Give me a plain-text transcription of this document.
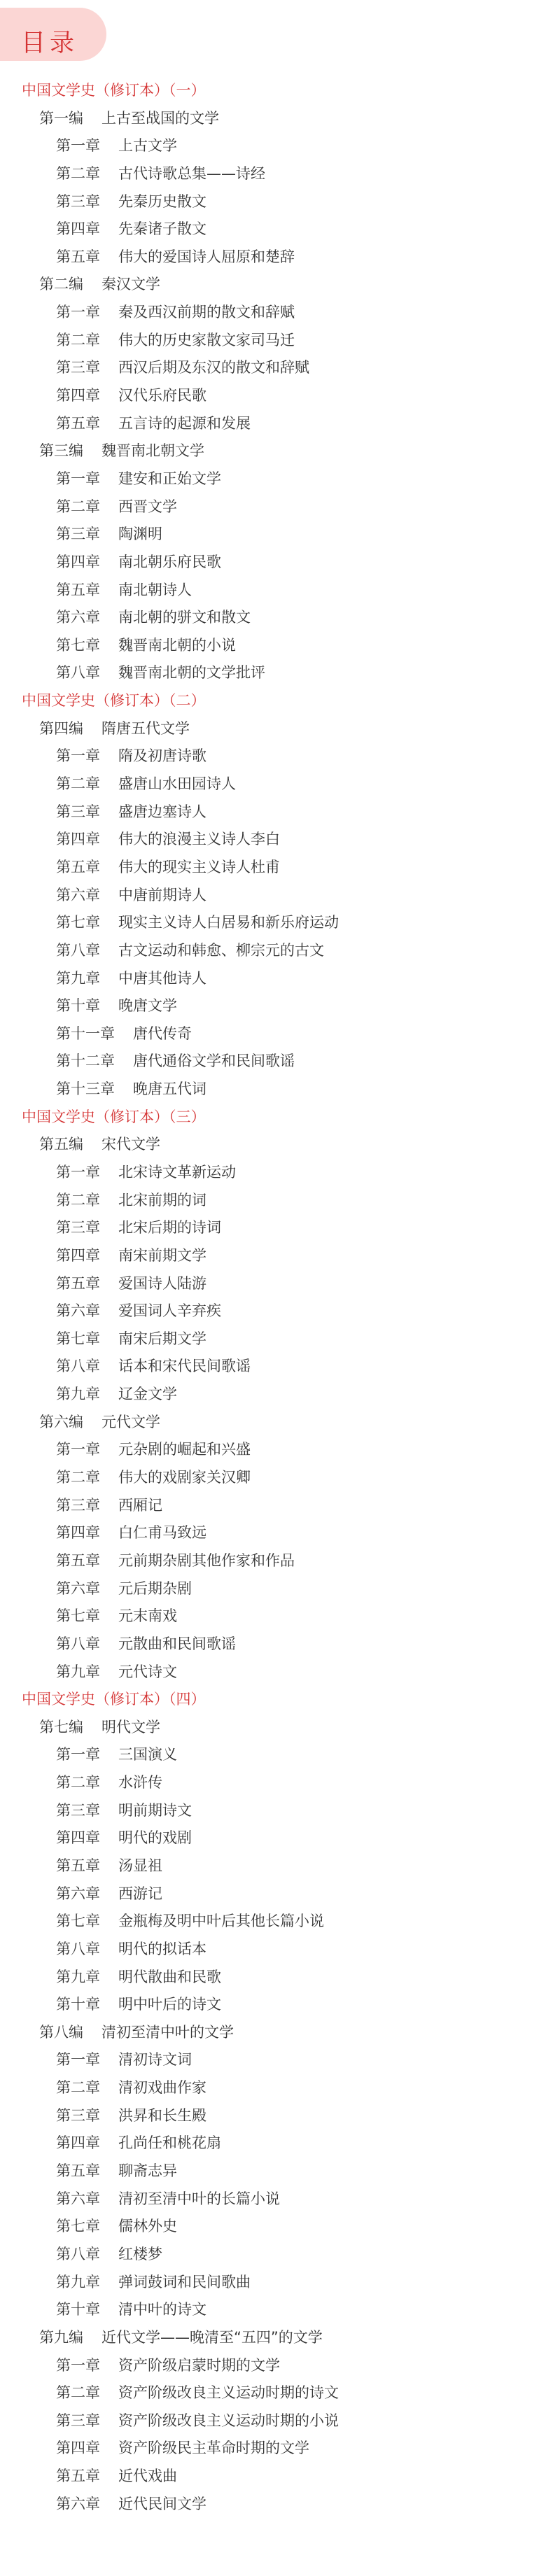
目录
中国文学史（修订本）（一）
第一编 上古至战国的文学
第一章 上古文学
第二章 古代诗歌总集——诗经
第三章 先秦历史散文
第四章 先秦诸子散文
第五章 伟大的爱国诗人屈原和楚辞
第二编 秦汉文学
第一章 秦及西汉前期的散文和辞赋
第二章 伟大的历史家散文家司马迁
第三章 西汉后期及东汉的散文和辞赋
第四章 汉代乐府民歌
第五章 五言诗的起源和发展
第三编 魏晋南北朝文学
第一章 建安和正始文学
第二章 西晋文学
第三章 陶渊明
第四章 南北朝乐府民歌
第五章 南北朝诗人
第六章 南北朝的骈文和散文
第七章 魏晋南北朝的小说
第八章 魏晋南北朝的文学批评
中国文学史（修订本）（二）
第四编 隋唐五代文学
第一章 隋及初唐诗歌
第二章 盛唐山水田园诗人
第三章 盛唐边塞诗人
第四章 伟大的浪漫主义诗人李白
第五章 伟大的现实主义诗人杜甫
第六章 中唐前期诗人
第七章 现实主义诗人白居易和新乐府运动
第八章 古文运动和韩愈、柳宗元的古文
第九章 中唐其他诗人
第十章 晚唐文学
第十一章 唐代传奇
第十二章 唐代通俗文学和民间歌谣
第十三章 晚唐五代词
中国文学史（修订本）（三）
第五编 宋代文学
第一章 北宋诗文革新运动
第二章 北宋前期的词
第三章 北宋后期的诗词
第四章 南宋前期文学
第五章 爱国诗人陆游
第六章 爱国词人辛弃疾
第七章 南宋后期文学
第八章 话本和宋代民间歌谣
第九章 辽金文学
第六编 元代文学
第一章 元杂剧的崛起和兴盛
第二章 伟大的戏剧家关汉卿
第三章 西厢记
第四章 白仁甫马致远
第五章 元前期杂剧其他作家和作品
第六章 元后期杂剧
第七章 元末南戏
第八章 元散曲和民间歌谣
第九章 元代诗文
中国文学史（修订本）（四）
第七编 明代文学
第一章 三国演义
第二章 水浒传
第三章 明前期诗文
第四章 明代的戏剧
第五章 汤显祖
第六章 西游记
第七章 金瓶梅及明中叶后其他长篇小说
第八章 明代的拟话本
第九章 明代散曲和民歌
第十章 明中叶后的诗文
第八编 清初至清中叶的文学
第一章 清初诗文词
第二章 清初戏曲作家
第三章 洪昇和长生殿
第四章 孔尚任和桃花扇
第五章 聊斋志异
第六章 清初至清中叶的长篇小说
第七章 儒林外史
第八章 红楼梦
第九章 弹词鼓词和民间歌曲
第十章 清中叶的诗文
第九编 近代文学——晚清至“五四”的文学
第一章 资产阶级启蒙时期的文学
第二章 资产阶级改良主义运动时期的诗文
第三章 资产阶级改良主义运动时期的小说
第四章 资产阶级民主革命时期的文学
第五章 近代戏曲
第六章 近代民间文学
